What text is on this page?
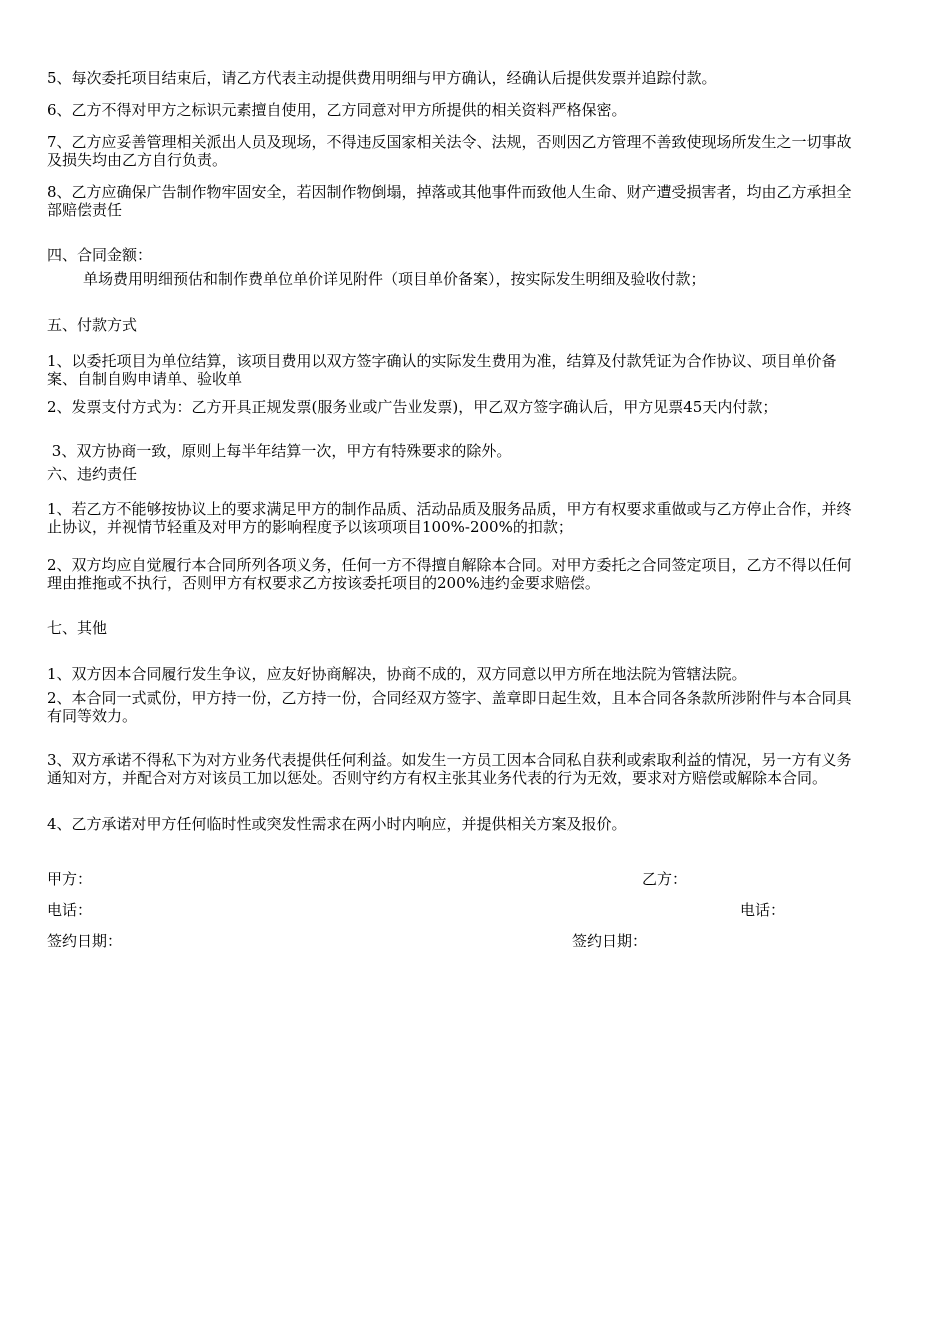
5、每次委托项目结束后，请乙方代表主动提供费用明细与甲方确认，经确认后提供发票并追踪付款。

6、乙方不得对甲方之标识元素擅自使用，乙方同意对甲方所提供的相关资料严格保密。

7、乙方应妥善管理相关派出人员及现场，不得违反国家相关法令、法规，否则因乙方管理不善致使现场所发生之一切事故及损失均由乙方自行负责。

8、乙方应确保广告制作物牢固安全，若因制作物倒塌，掉落或其他事件而致他人生命、财产遭受损害者，均由乙方承担全部赔偿责任

四、合同金额：

单场费用明细预估和制作费单位单价详见附件（项目单价备案），按实际发生明细及验收付款；

五、付款方式

1、以委托项目为单位结算，该项目费用以双方签字确认的实际发生费用为准，结算及付款凭证为合作协议、项目单价备案、自制自购申请单、验收单

2、发票支付方式为：乙方开具正规发票(服务业或广告业发票)，甲乙双方签字确认后，甲方见票45天内付款；

3、双方协商一致，原则上每半年结算一次，甲方有特殊要求的除外。

六、违约责任

1、若乙方不能够按协议上的要求满足甲方的制作品质、活动品质及服务品质，甲方有权要求重做或与乙方停止合作，并终止协议，并视情节轻重及对甲方的影响程度予以该项项目100%-200%的扣款；

2、双方均应自觉履行本合同所列各项义务，任何一方不得擅自解除本合同。对甲方委托之合同签定项目，乙方不得以任何理由推拖或不执行，否则甲方有权要求乙方按该委托项目的200%违约金要求赔偿。

七、其他

1、双方因本合同履行发生争议，应友好协商解决，协商不成的，双方同意以甲方所在地法院为管辖法院。

2、本合同一式贰份，甲方持一份，乙方持一份，合同经双方签字、盖章即日起生效，且本合同各条款所涉附件与本合同具有同等效力。

3、双方承诺不得私下为对方业务代表提供任何利益。如发生一方员工因本合同私自获利或索取利益的情况，另一方有义务通知对方，并配合对方对该员工加以惩处。否则守约方有权主张其业务代表的行为无效，要求对方赔偿或解除本合同。

4、乙方承诺对甲方任何临时性或突发性需求在两小时内响应，并提供相关方案及报价。

甲方：	乙方：

电话：	电话：

签约日期：	签约日期：
